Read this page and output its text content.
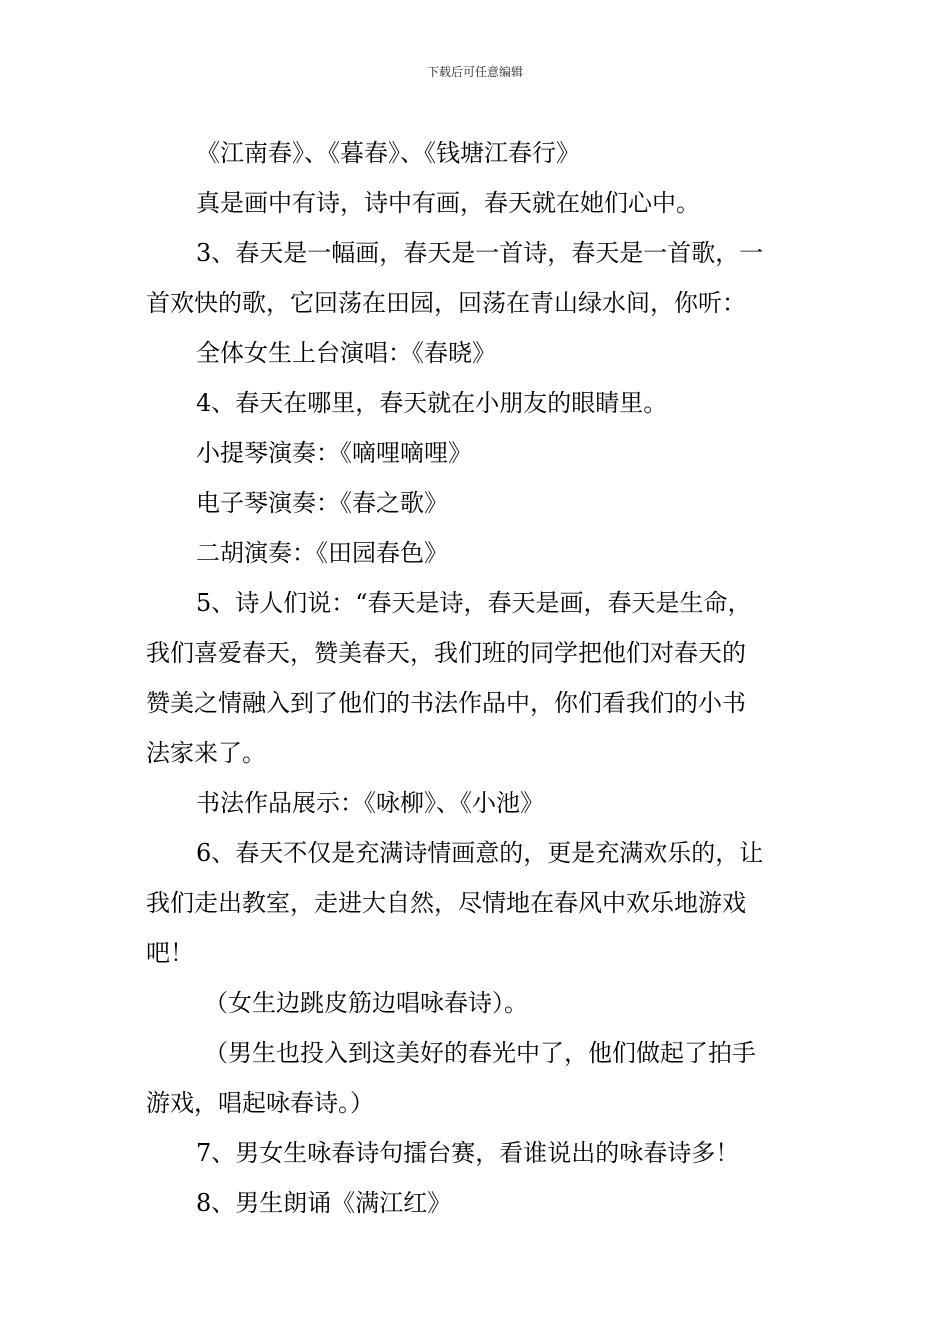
下载后可任意编辑
《江南春》、《暮春》、《钱塘江春行》
真是画中有诗，诗中有画，春天就在她们心中。
3、春天是一幅画，春天是一首诗，春天是一首歌，一
首欢快的歌，它回荡在田园，回荡在青山绿水间，你听：
全体女生上台演唱：《春晓》
4、春天在哪里，春天就在小朋友的眼睛里。
小提琴演奏：《嘀哩嘀哩》
电子琴演奏：《春之歌》
二胡演奏：《田园春色》
5、诗人们说：“春天是诗，春天是画，春天是生命，
我们喜爱春天，赞美春天，我们班的同学把他们对春天的
赞美之情融入到了他们的书法作品中，你们看我们的小书
法家来了。
书法作品展示：《咏柳》、《小池》
6、春天不仅是充满诗情画意的，更是充满欢乐的，让
我们走出教室，走进大自然，尽情地在春风中欢乐地游戏
吧！
（女生边跳皮筋边唱咏春诗）。
（男生也投入到这美好的春光中了，他们做起了拍手
游戏，唱起咏春诗。）
7、男女生咏春诗句擂台赛，看谁说出的咏春诗多！
8、男生朗诵《满江红》
